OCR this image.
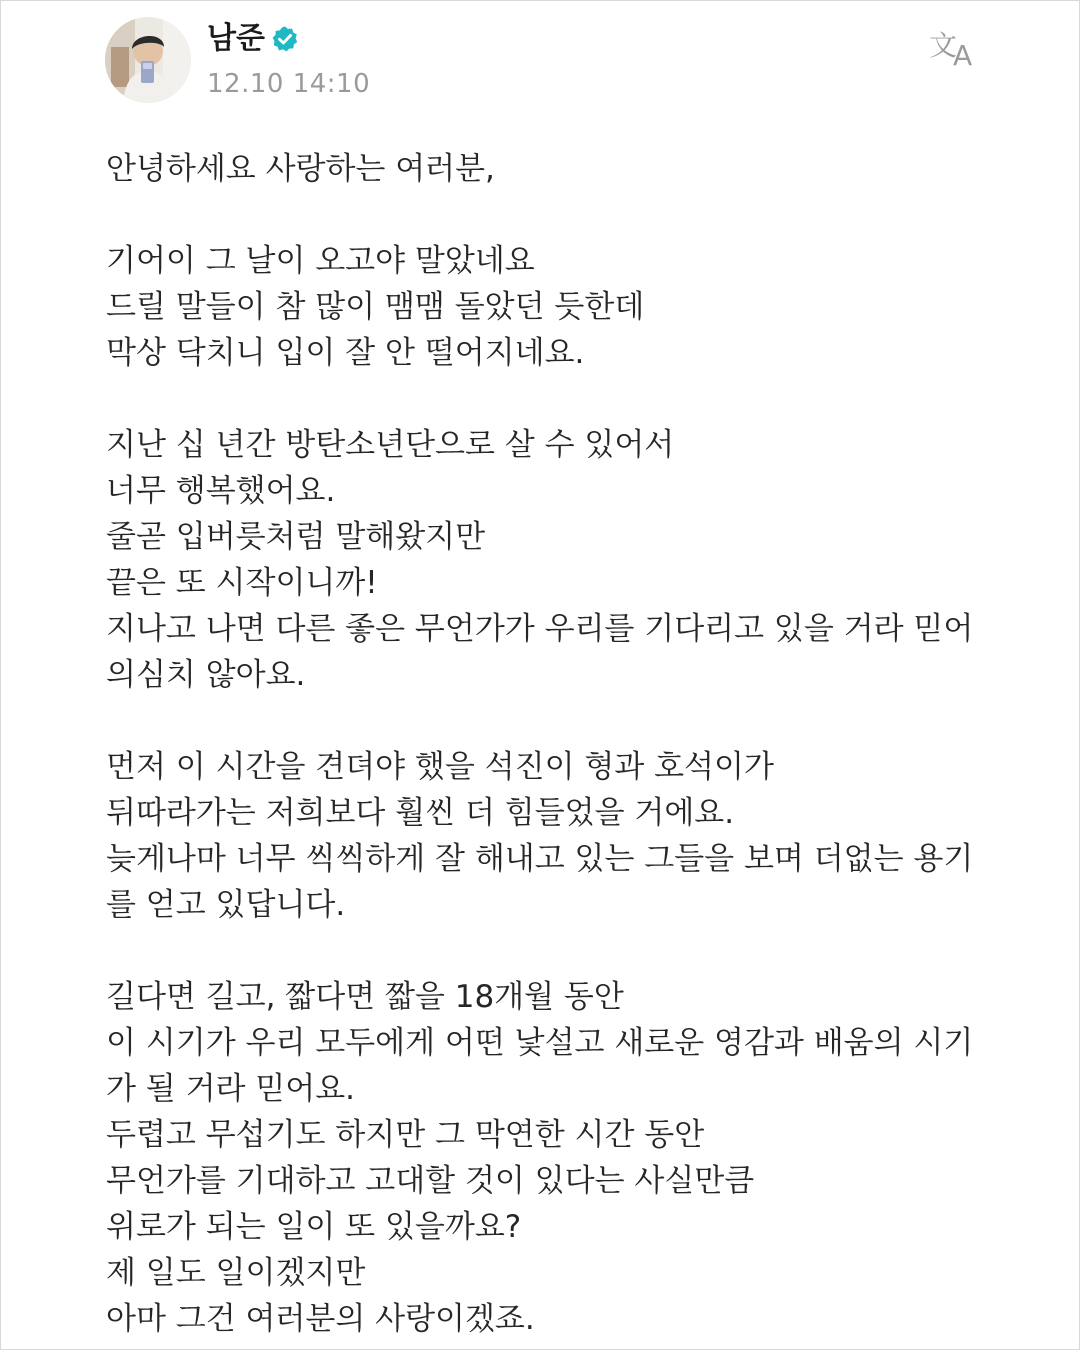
남준
12.10 14:10
文
A

안녕하세요 사랑하는 여러분,

기어이 그 날이 오고야 말았네요
드릴 말들이 참 많이 맴맴 돌았던 듯한데
막상 닥치니 입이 잘 안 떨어지네요.

지난 십 년간 방탄소년단으로 살 수 있어서
너무 행복했어요.
줄곧 입버릇처럼 말해왔지만
끝은 또 시작이니까!
지나고 나면 다른 좋은 무언가가 우리를 기다리고 있을 거라 믿어
의심치 않아요.

먼저 이 시간을 견뎌야 했을 석진이 형과 호석이가
뒤따라가는 저희보다 훨씬 더 힘들었을 거에요.
늦게나마 너무 씩씩하게 잘 해내고 있는 그들을 보며 더없는 용기
를 얻고 있답니다.

길다면 길고, 짧다면 짧을 18개월 동안
이 시기가 우리 모두에게 어떤 낯설고 새로운 영감과 배움의 시기
가 될 거라 믿어요.
두렵고 무섭기도 하지만 그 막연한 시간 동안
무언가를 기대하고 고대할 것이 있다는 사실만큼
위로가 되는 일이 또 있을까요?
제 일도 일이겠지만
아마 그건 여러분의 사랑이겠죠.
